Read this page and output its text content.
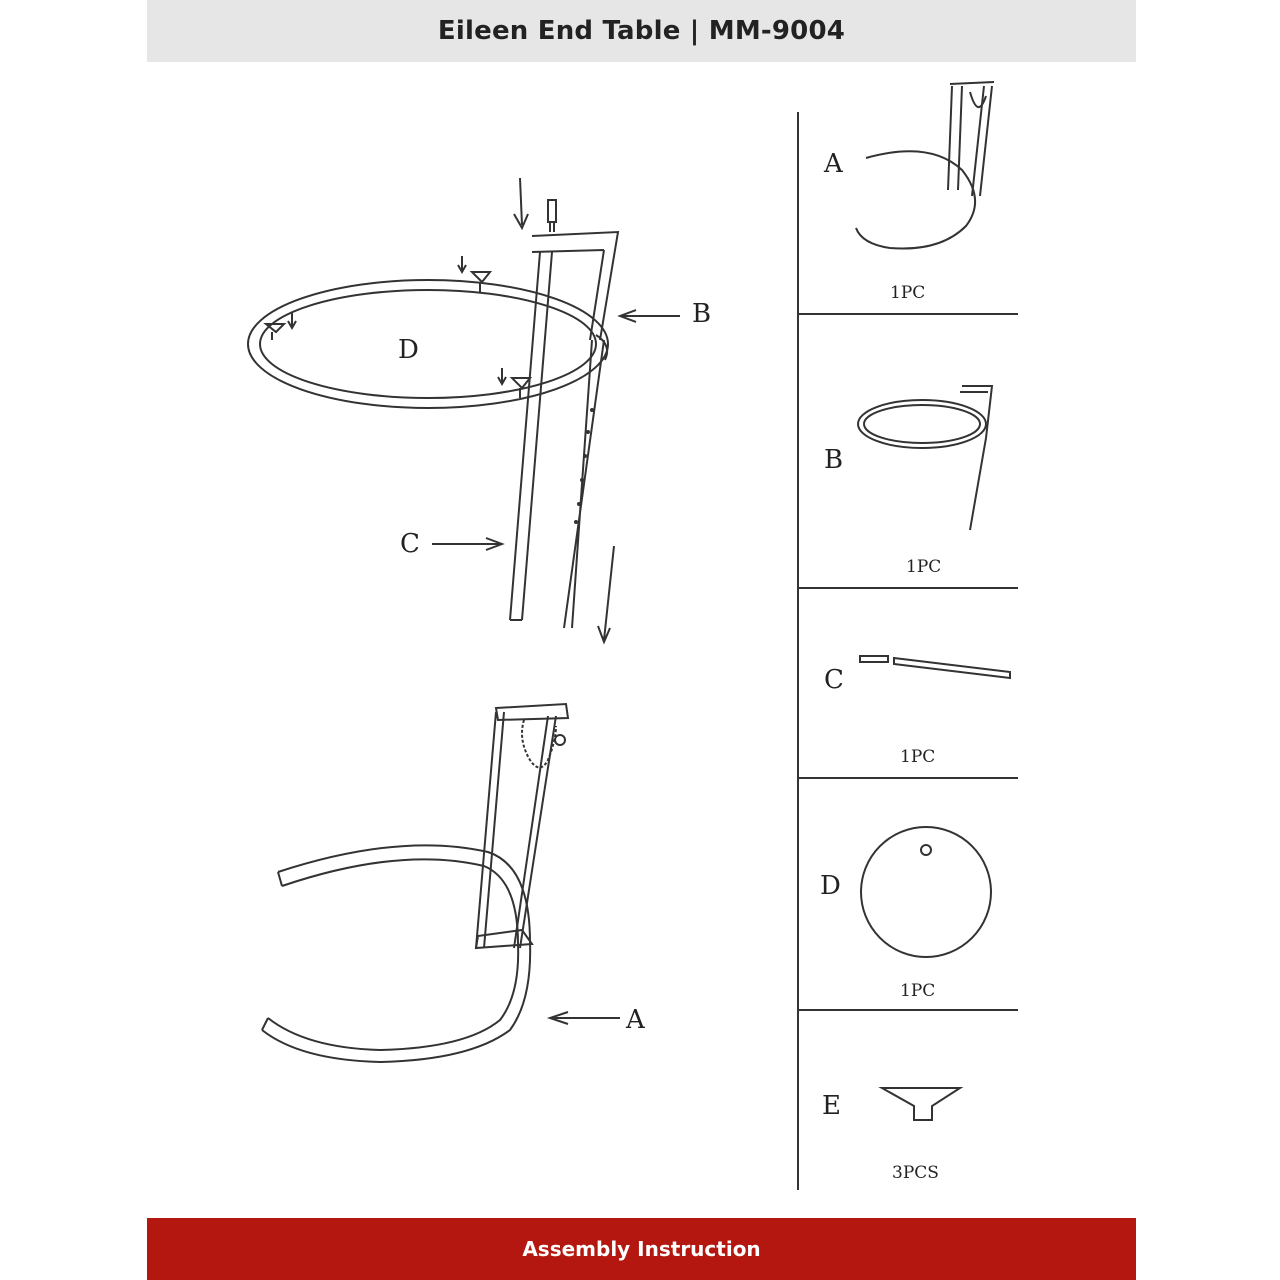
Eileen End Table | MM-9004
B
D
C
A
A
1PC
B
1PC
C
1PC
D
1PC
E
3PCS
Assembly Instruction
